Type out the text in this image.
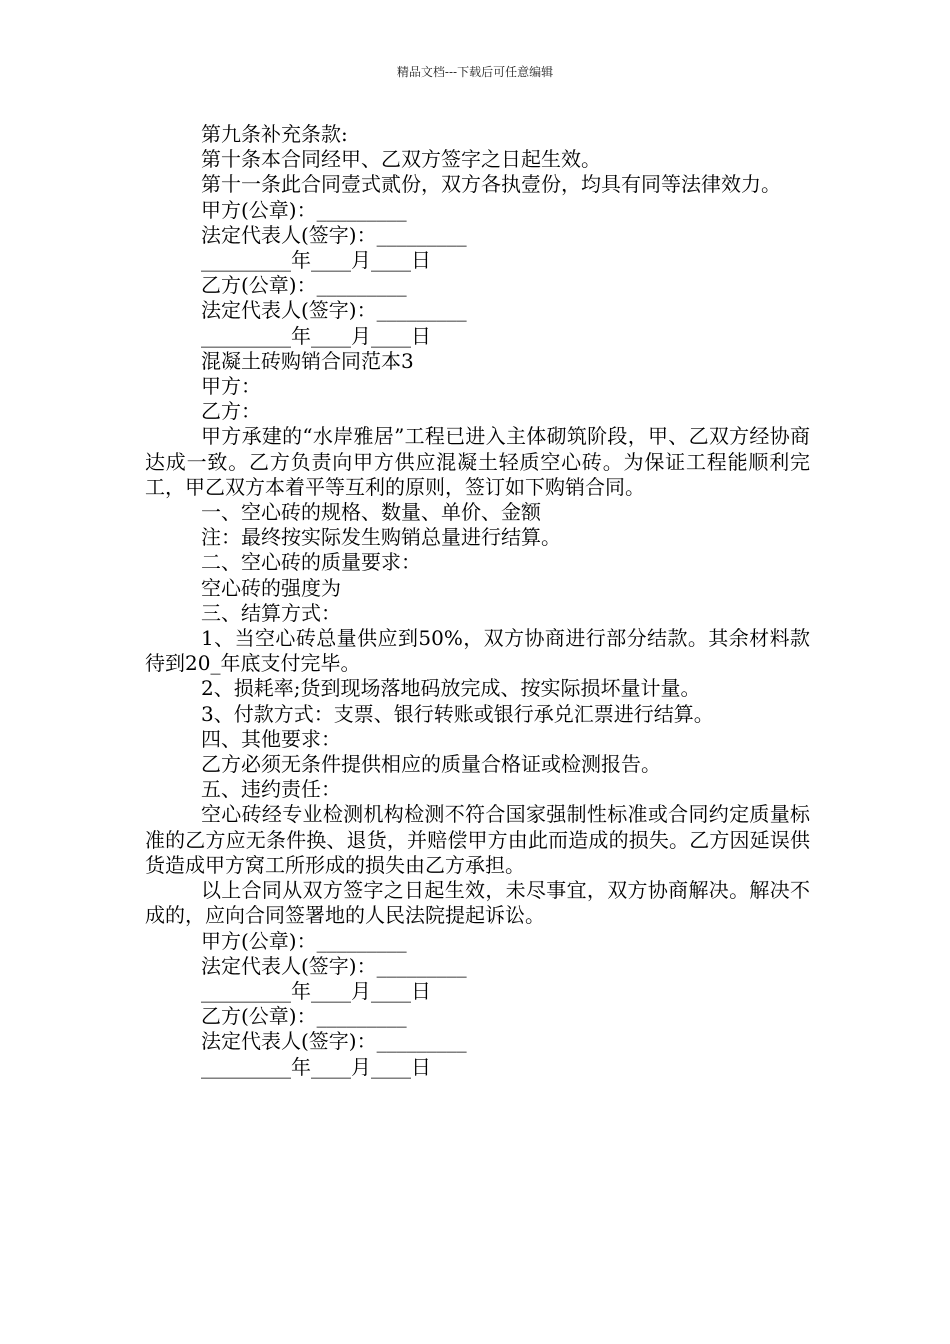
精品文档---下载后可任意编辑

第九条补充条款:

第十条本合同经甲、乙双方签字之日起生效。

第十一条此合同壹式贰份，双方各执壹份，均具有同等法律效力。

甲方(公章)：_________

法定代表人(签字)：_________

_________年____月____日

乙方(公章)：_________

法定代表人(签字)：_________

_________年____月____日

混凝土砖购销合同范本3

甲方：

乙方：

甲方承建的“水岸雅居”工程已进入主体砌筑阶段，甲、乙双方经协商达成一致。乙方负责向甲方供应混凝土轻质空心砖。为保证工程能顺利完工，甲乙双方本着平等互利的原则，签订如下购销合同。

一、空心砖的规格、数量、单价、金额

注：最终按实际发生购销总量进行结算。

二、空心砖的质量要求：

空心砖的强度为

三、结算方式：

1、当空心砖总量供应到50%，双方协商进行部分结款。其余材料款待到20_年底支付完毕。

2、损耗率;货到现场落地码放完成、按实际损坏量计量。

3、付款方式：支票、银行转账或银行承兑汇票进行结算。

四、其他要求：

乙方必须无条件提供相应的质量合格证或检测报告。

五、违约责任：

空心砖经专业检测机构检测不符合国家强制性标准或合同约定质量标准的乙方应无条件换、退货，并赔偿甲方由此而造成的损失。乙方因延误供货造成甲方窝工所形成的损失由乙方承担。

以上合同从双方签字之日起生效，未尽事宜，双方协商解决。解决不成的，应向合同签署地的人民法院提起诉讼。

甲方(公章)：_________

法定代表人(签字)：_________

_________年____月____日

乙方(公章)：_________

法定代表人(签字)：_________

_________年____月____日
